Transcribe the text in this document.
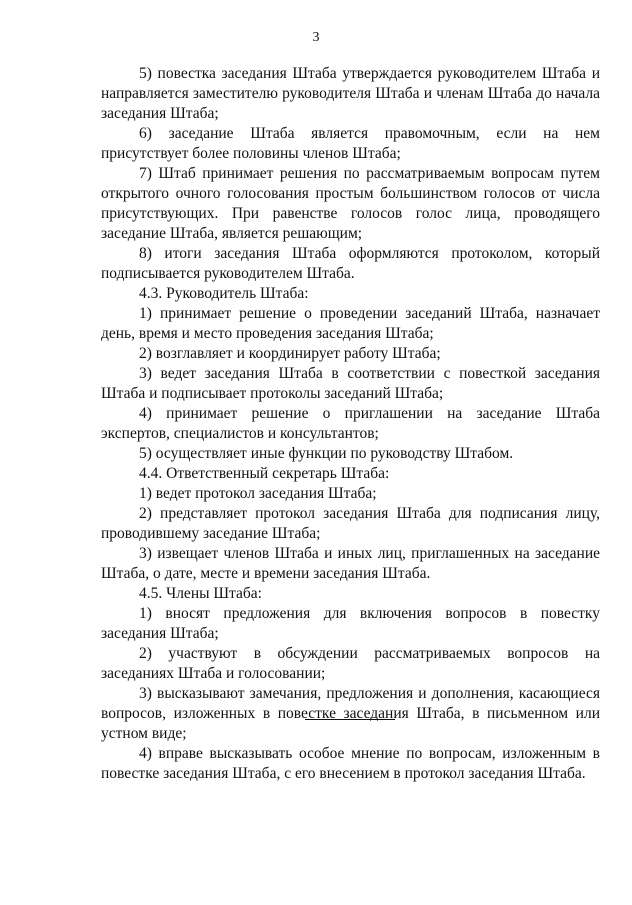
3

5) повестка заседания Штаба утверждается руководителем Штаба и направляется заместителю руководителя Штаба и членам Штаба до начала заседания Штаба;

6) заседание Штаба является правомочным, если на нем присутствует более половины членов Штаба;

7) Штаб принимает решения по рассматриваемым вопросам путем открытого очного голосования простым большинством голосов от числа присутствующих. При равенстве голосов голос лица, проводящего заседание Штаба, является решающим;

8) итоги заседания Штаба оформляются протоколом, который подписывается руководителем Штаба.

4.3. Руководитель Штаба:

1) принимает решение о проведении заседаний Штаба, назначает день, время и место проведения заседания Штаба;

2) возглавляет и координирует работу Штаба;

3) ведет заседания Штаба в соответствии с повесткой заседания Штаба и подписывает протоколы заседаний Штаба;

4) принимает решение о приглашении на заседание Штаба экспертов, специалистов и консультантов;

5) осуществляет иные функции по руководству Штабом.

4.4. Ответственный секретарь Штаба:

1) ведет протокол заседания Штаба;

2) представляет протокол заседания Штаба для подписания лицу, проводившему заседание Штаба;

3) извещает членов Штаба и иных лиц, приглашенных на заседание Штаба, о дате, месте и времени заседания Штаба.

4.5. Члены Штаба:

1) вносят предложения для включения вопросов в повестку заседания Штаба;

2) участвуют в обсуждении рассматриваемых вопросов на заседаниях Штаба и голосовании;

3) высказывают замечания, предложения и дополнения, касающиеся вопросов, изложенных в повестке заседания Штаба, в письменном или устном виде;

4) вправе высказывать особое мнение по вопросам, изложенным в повестке заседания Штаба, с его внесением в протокол заседания Штаба.
